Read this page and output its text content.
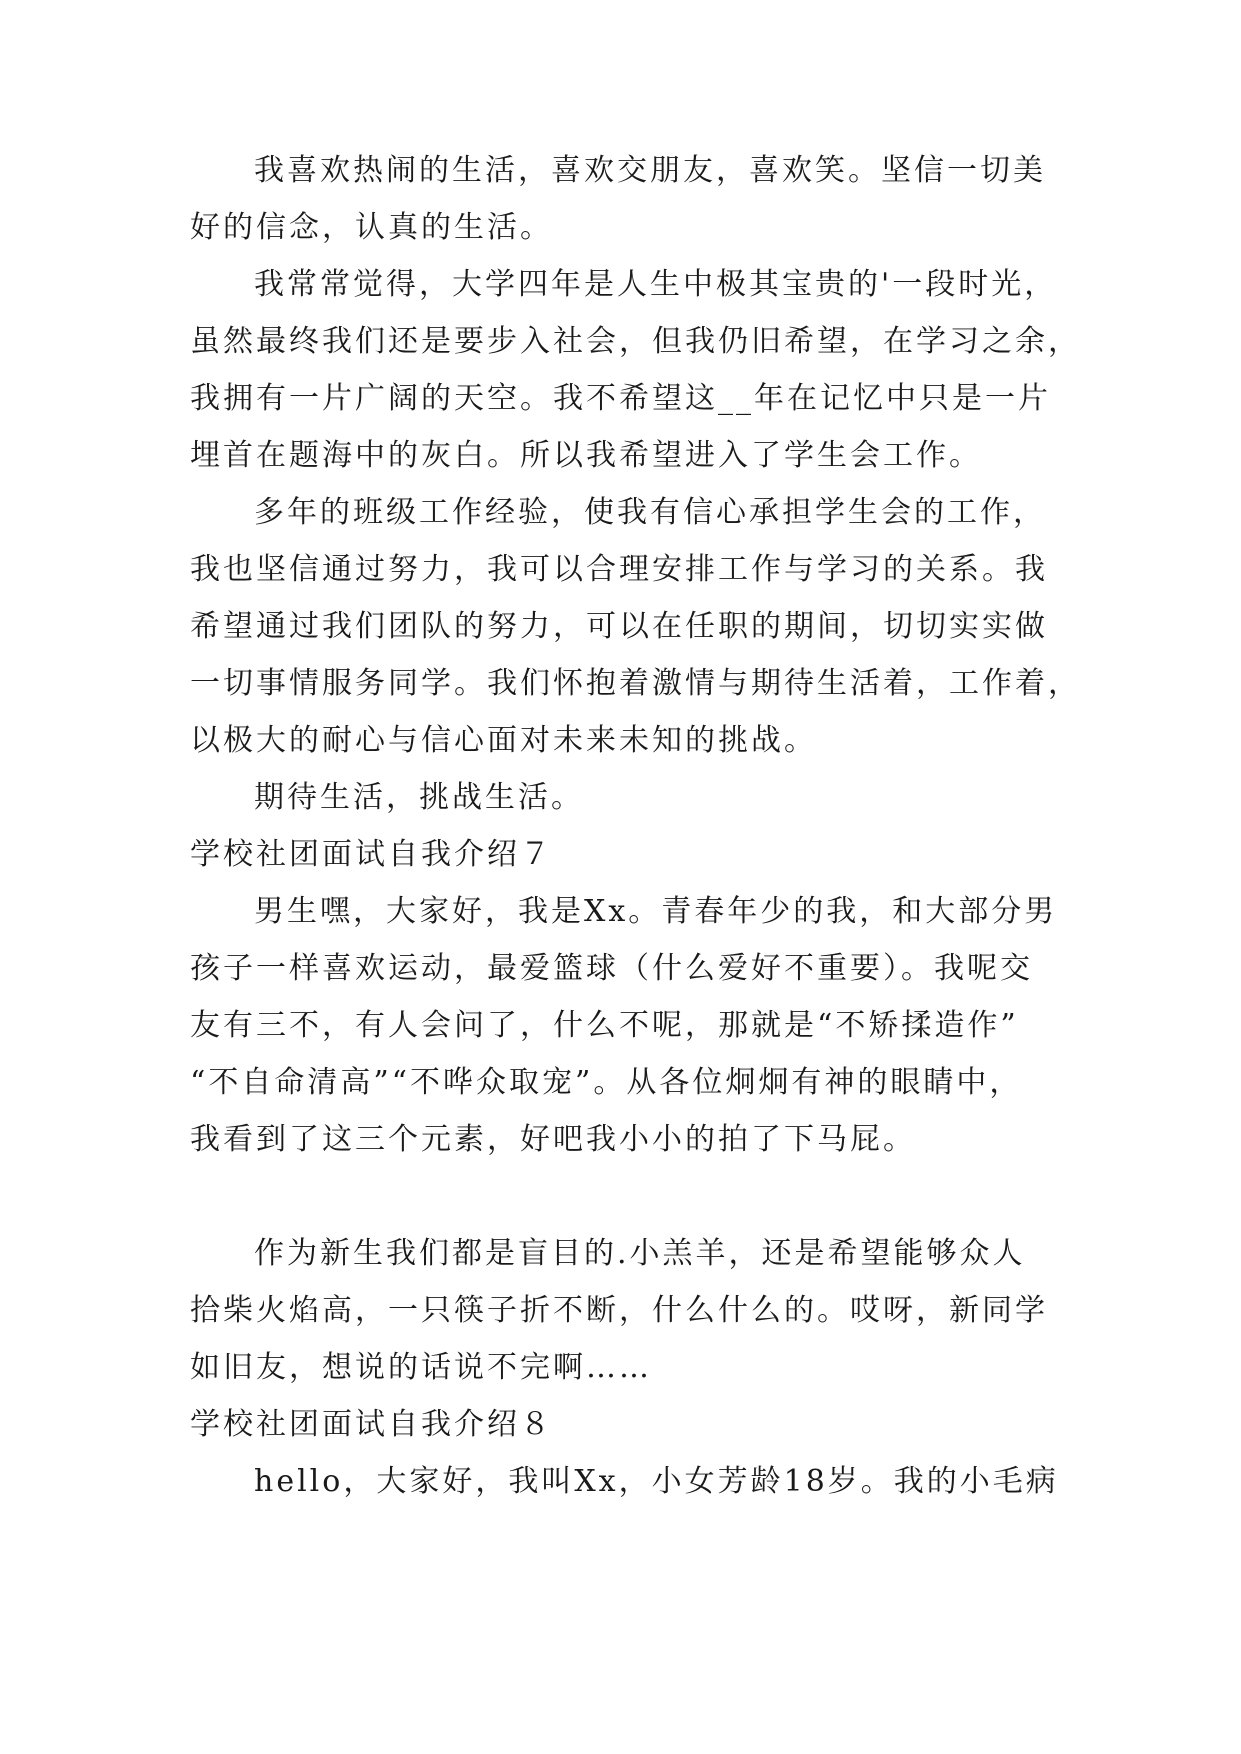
我喜欢热闹的生活，喜欢交朋友，喜欢笑。坚信一切美

好的信念，认真的生活。

我常常觉得，大学四年是人生中极其宝贵的'一段时光，

虽然最终我们还是要步入社会，但我仍旧希望，在学习之余，

我拥有一片广阔的天空。我不希望这__年在记忆中只是一片

埋首在题海中的灰白。所以我希望进入了学生会工作。

多年的班级工作经验，使我有信心承担学生会的工作，

我也坚信通过努力，我可以合理安排工作与学习的关系。我

希望通过我们团队的努力，可以在任职的期间，切切实实做

一切事情服务同学。我们怀抱着激情与期待生活着，工作着，

以极大的耐心与信心面对未来未知的挑战。

期待生活，挑战生活。

学校社团面试自我介绍７

男生嘿，大家好，我是Xx。青春年少的我，和大部分男

孩子一样喜欢运动，最爱篮球（什么爱好不重要）。我呢交

友有三不，有人会问了，什么不呢，那就是“不矫揉造作”

“不自命清高”“不哗众取宠”。从各位炯炯有神的眼睛中，

我看到了这三个元素，好吧我小小的拍了下马屁。

作为新生我们都是盲目的.小羔羊，还是希望能够众人

拾柴火焰高，一只筷子折不断，什么什么的。哎呀，新同学

如旧友，想说的话说不完啊……

学校社团面试自我介绍８

hello，大家好，我叫Xx，小女芳龄18岁。我的小毛病
